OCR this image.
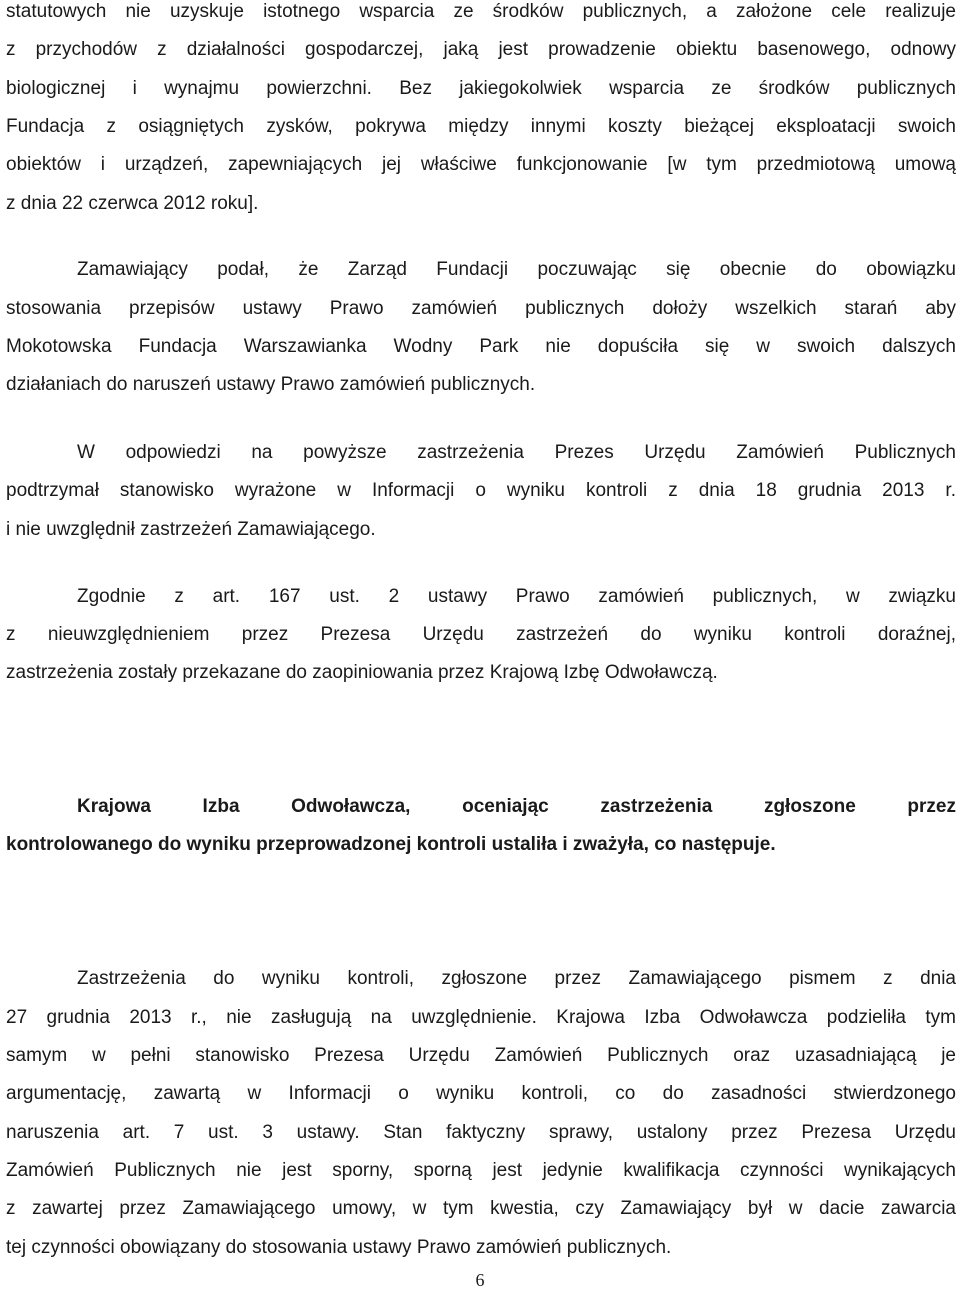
statutowych nie uzyskuje istotnego wsparcia ze środków publicznych, a założone cele realizuje
z przychodów z działalności gospodarczej, jaką jest prowadzenie obiektu basenowego, odnowy
biologicznej i wynajmu powierzchni. Bez jakiegokolwiek wsparcia ze środków publicznych
Fundacja z osiągniętych zysków, pokrywa między innymi koszty bieżącej eksploatacji swoich
obiektów i urządzeń, zapewniających jej właściwe funkcjonowanie [w tym przedmiotową umową
z dnia 22 czerwca 2012 roku].
Zamawiający podał, że Zarząd Fundacji poczuwając się obecnie do obowiązku
stosowania przepisów ustawy Prawo zamówień publicznych dołoży wszelkich starań aby
Mokotowska Fundacja Warszawianka Wodny Park nie dopuściła się w swoich dalszych
działaniach do naruszeń ustawy Prawo zamówień publicznych.
W odpowiedzi na powyższe zastrzeżenia Prezes Urzędu Zamówień Publicznych
podtrzymał stanowisko wyrażone w Informacji o wyniku kontroli z dnia 18 grudnia 2013 r.
i nie uwzględnił zastrzeżeń Zamawiającego.
Zgodnie z art. 167 ust. 2 ustawy Prawo zamówień publicznych, w związku
z nieuwzględnieniem przez Prezesa Urzędu zastrzeżeń do wyniku kontroli doraźnej,
zastrzeżenia zostały przekazane do zaopiniowania przez Krajową Izbę Odwoławczą.
Krajowa Izba Odwoławcza, oceniając zastrzeżenia zgłoszone przez
kontrolowanego do wyniku przeprowadzonej kontroli ustaliła i zważyła, co następuje.
Zastrzeżenia do wyniku kontroli, zgłoszone przez Zamawiającego pismem z dnia
27 grudnia 2013 r., nie zasługują na uwzględnienie. Krajowa Izba Odwoławcza podzieliła tym
samym w pełni stanowisko Prezesa Urzędu Zamówień Publicznych oraz uzasadniającą je
argumentację, zawartą w Informacji o wyniku kontroli, co do zasadności stwierdzonego
naruszenia art. 7 ust. 3 ustawy. Stan faktyczny sprawy, ustalony przez Prezesa Urzędu
Zamówień Publicznych nie jest sporny, sporną jest jedynie kwalifikacja czynności wynikających
z zawartej przez Zamawiającego umowy, w tym kwestia, czy Zamawiający był w dacie zawarcia
tej czynności obowiązany do stosowania ustawy Prawo zamówień publicznych.
6
